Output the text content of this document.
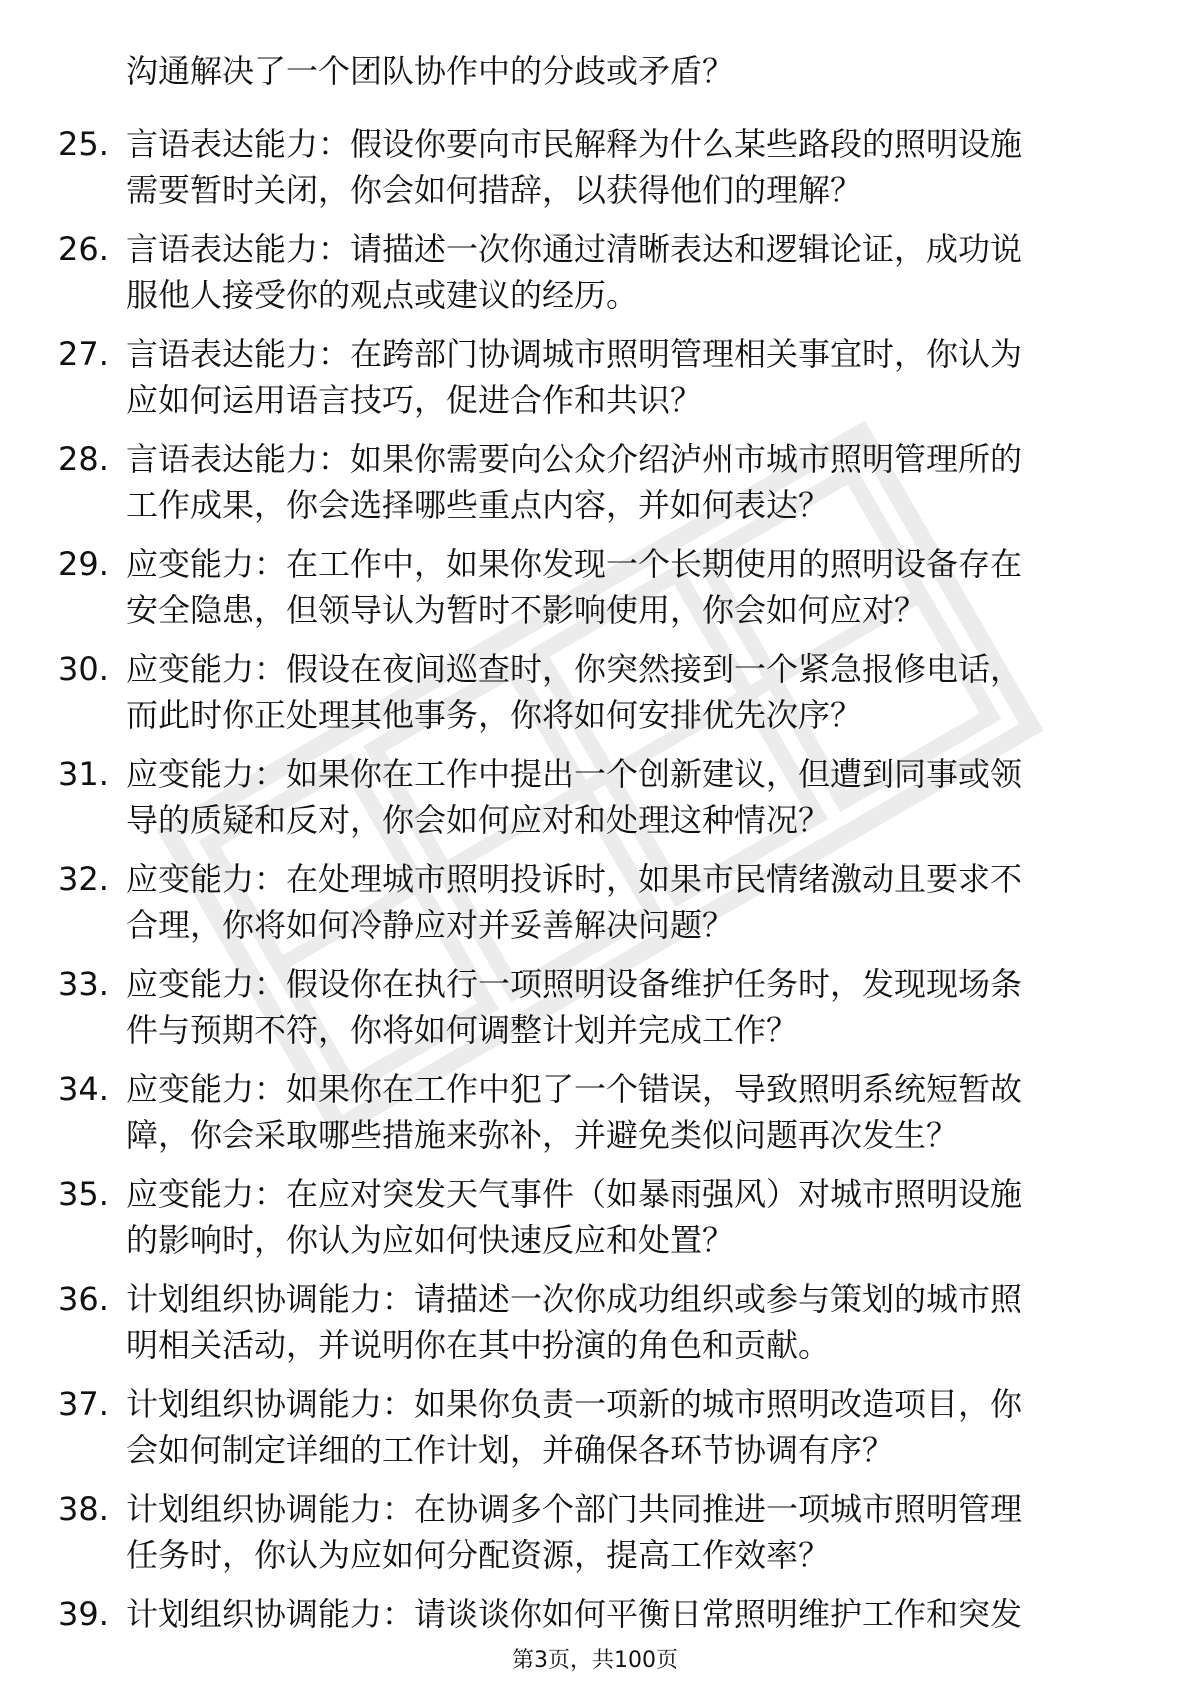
沟通解决了一个团队协作中的分歧或矛盾？
25. 言语表达能力：假设你要向市民解释为什么某些路段的照明设施
需要暂时关闭，你会如何措辞，以获得他们的理解？
26. 言语表达能力：请描述一次你通过清晰表达和逻辑论证，成功说
服他人接受你的观点或建议的经历。
27. 言语表达能力：在跨部门协调城市照明管理相关事宜时，你认为
应如何运用语言技巧，促进合作和共识？
28. 言语表达能力：如果你需要向公众介绍泸州市城市照明管理所的
工作成果，你会选择哪些重点内容，并如何表达？
29. 应变能力：在工作中，如果你发现一个长期使用的照明设备存在
安全隐患，但领导认为暂时不影响使用，你会如何应对？
30. 应变能力：假设在夜间巡查时，你突然接到一个紧急报修电话，
而此时你正处理其他事务，你将如何安排优先次序？
31. 应变能力：如果你在工作中提出一个创新建议，但遭到同事或领
导的质疑和反对，你会如何应对和处理这种情况？
32. 应变能力：在处理城市照明投诉时，如果市民情绪激动且要求不
合理，你将如何冷静应对并妥善解决问题？
33. 应变能力：假设你在执行一项照明设备维护任务时，发现现场条
件与预期不符，你将如何调整计划并完成工作？
34. 应变能力：如果你在工作中犯了一个错误，导致照明系统短暂故
障，你会采取哪些措施来弥补，并避免类似问题再次发生？
35. 应变能力：在应对突发天气事件（如暴雨强风）对城市照明设施
的影响时，你认为应如何快速反应和处置？
36. 计划组织协调能力：请描述一次你成功组织或参与策划的城市照
明相关活动，并说明你在其中扮演的角色和贡献。
37. 计划组织协调能力：如果你负责一项新的城市照明改造项目，你
会如何制定详细的工作计划，并确保各环节协调有序？
38. 计划组织协调能力：在协调多个部门共同推进一项城市照明管理
任务时，你认为应如何分配资源，提高工作效率？
39. 计划组织协调能力：请谈谈你如何平衡日常照明维护工作和突发
第3页，共100页
